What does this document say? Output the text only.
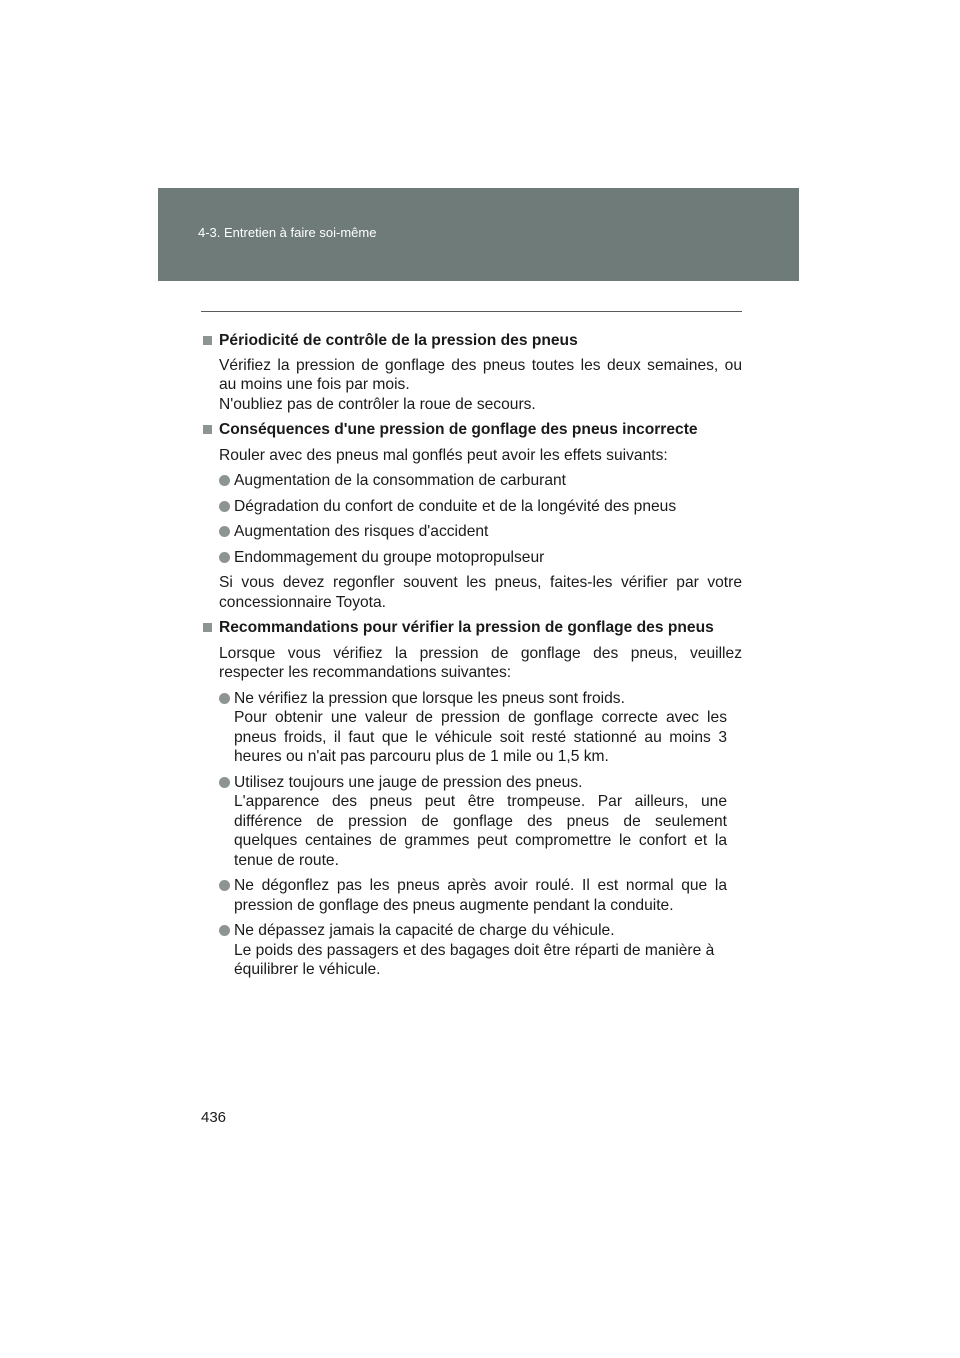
4-3. Entretien à faire soi-même
Périodicité de contrôle de la pression des pneus
Vérifiez la pression de gonflage des pneus toutes les deux semaines, ou
au moins une fois par mois.
N'oubliez pas de contrôler la roue de secours.
Conséquences d'une pression de gonflage des pneus incorrecte
Rouler avec des pneus mal gonflés peut avoir les effets suivants:
Augmentation de la consommation de carburant
Dégradation du confort de conduite et de la longévité des pneus
Augmentation des risques d'accident
Endommagement du groupe motopropulseur
Si vous devez regonfler souvent les pneus, faites-les vérifier par votre
concessionnaire Toyota.
Recommandations pour vérifier la pression de gonflage des pneus
Lorsque vous vérifiez la pression de gonflage des pneus, veuillez
respecter les recommandations suivantes:
Ne vérifiez la pression que lorsque les pneus sont froids.
Pour obtenir une valeur de pression de gonflage correcte avec les
pneus froids, il faut que le véhicule soit resté stationné au moins 3
heures ou n'ait pas parcouru plus de 1 mile ou 1,5 km.
Utilisez toujours une jauge de pression des pneus.
L'apparence des pneus peut être trompeuse. Par ailleurs, une
différence de pression de gonflage des pneus de seulement
quelques centaines de grammes peut compromettre le confort et la
tenue de route.
Ne dégonflez pas les pneus après avoir roulé. Il est normal que la
pression de gonflage des pneus augmente pendant la conduite.
Ne dépassez jamais la capacité de charge du véhicule.
Le poids des passagers et des bagages doit être réparti de manière à
équilibrer le véhicule.
436
